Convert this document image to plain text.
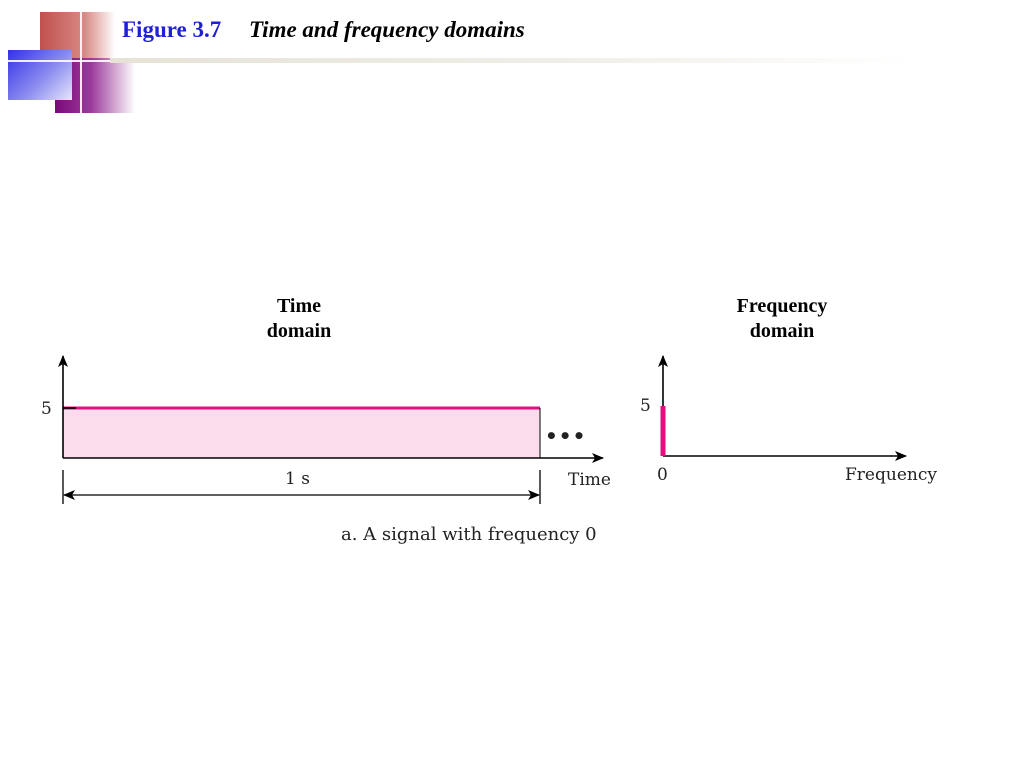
Figure 3.7 Time and frequency domains
Time
domain
5
•••
1 s	Time
Frequency
domain
5
0	Frequency
a. A signal with frequency 0
